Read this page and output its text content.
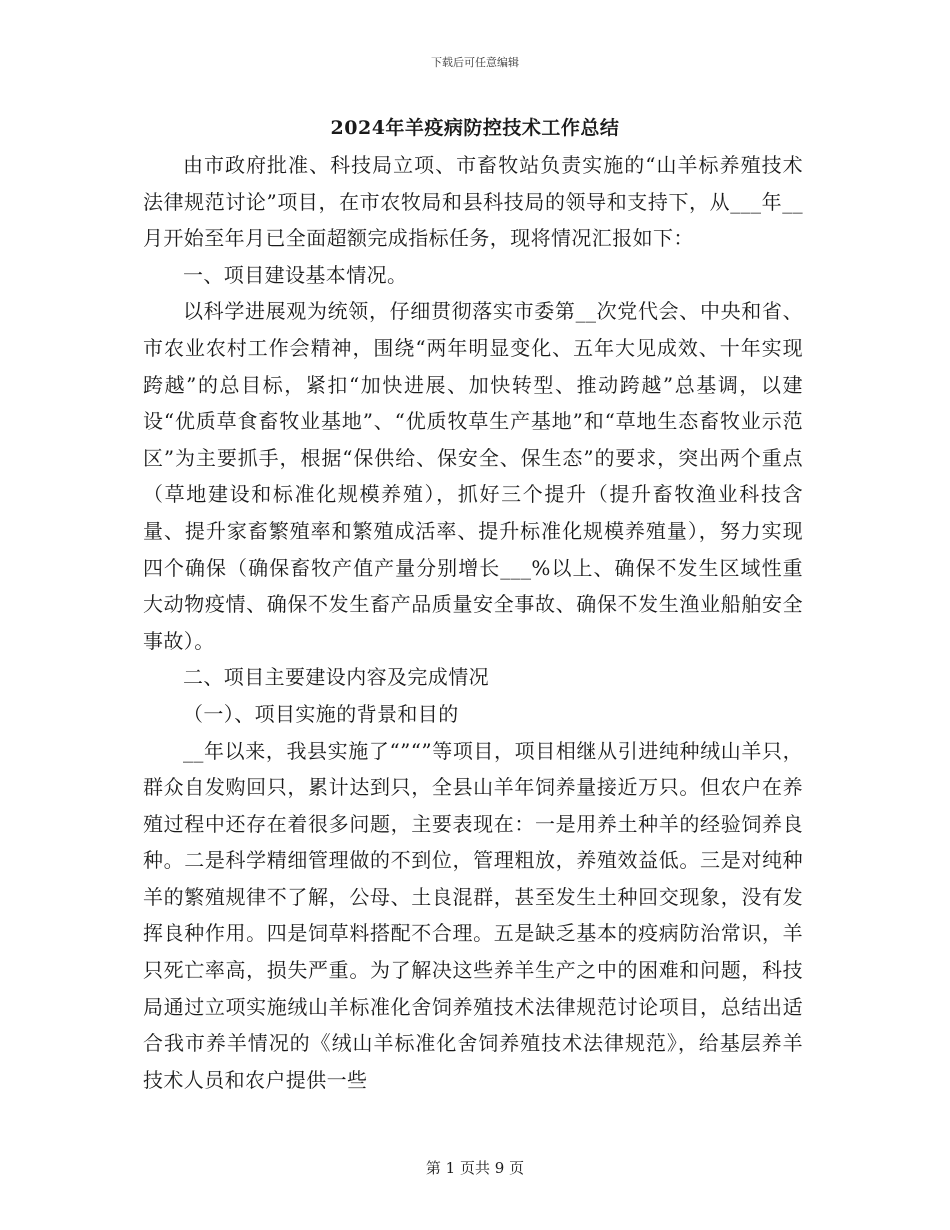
下载后可任意编辑
2024年羊疫病防控技术工作总结

由市政府批准、科技局立项、市畜牧站负责实施的“山羊标养殖技术法律规范讨论”项目，在市农牧局和县科技局的领导和支持下，从___年__月开始至年月已全面超额完成指标任务，现将情况汇报如下：

一、项目建设基本情况。

以科学进展观为统领，仔细贯彻落实市委第__次党代会、中央和省、市农业农村工作会精神，围绕“两年明显变化、五年大见成效、十年实现跨越”的总目标，紧扣“加快进展、加快转型、推动跨越”总基调，以建设“优质草食畜牧业基地”、“优质牧草生产基地”和“草地生态畜牧业示范区”为主要抓手，根据“保供给、保安全、保生态”的要求，突出两个重点（草地建设和标准化规模养殖），抓好三个提升（提升畜牧渔业科技含量、提升家畜繁殖率和繁殖成活率、提升标准化规模养殖量），努力实现四个确保（确保畜牧产值产量分别增长___%以上、确保不发生区域性重大动物疫情、确保不发生畜产品质量安全事故、确保不发生渔业船舶安全事故）。

二、项目主要建设内容及完成情况

（一）、项目实施的背景和目的

__年以来，我县实施了“”“”等项目，项目相继从引进纯种绒山羊只，群众自发购回只，累计达到只，全县山羊年饲养量接近万只。但农户在养殖过程中还存在着很多问题，主要表现在：一是用养土种羊的经验饲养良种。二是科学精细管理做的不到位，管理粗放，养殖效益低。三是对纯种羊的繁殖规律不了解，公母、土良混群，甚至发生土种回交现象，没有发挥良种作用。四是饲草料搭配不合理。五是缺乏基本的疫病防治常识，羊只死亡率高，损失严重。为了解决这些养羊生产之中的困难和问题，科技局通过立项实施绒山羊标准化舍饲养殖技术法律规范讨论项目，总结出适合我市养羊情况的《绒山羊标准化舍饲养殖技术法律规范》，给基层养羊技术人员和农户提供一些

第 1 页共 9 页
